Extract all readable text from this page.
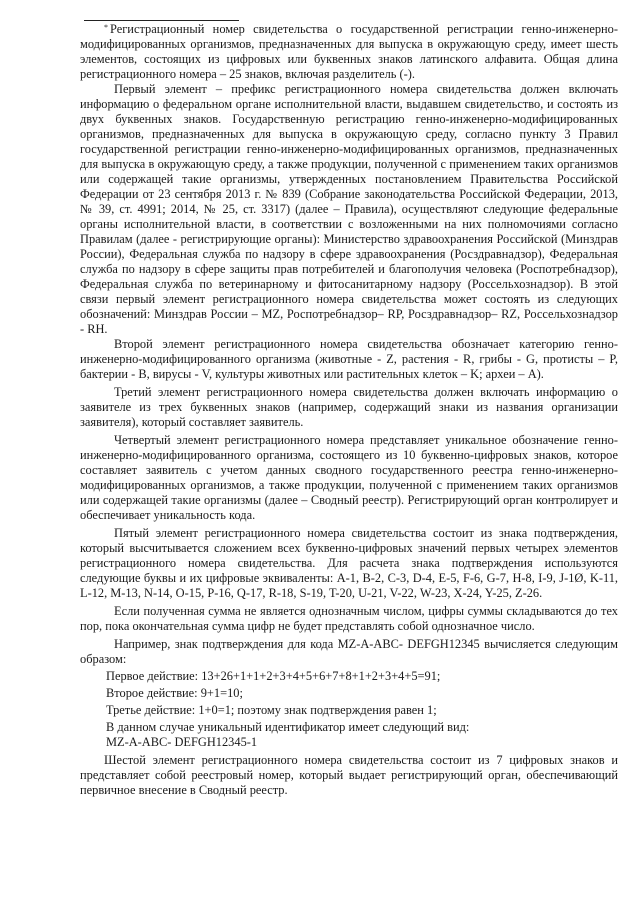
* Регистрационный номер свидетельства о государственной регистрации генно-инженерно-модифицированных организмов, предназначенных для выпуска в окружающую среду, имеет шесть элементов, состоящих из цифровых или буквенных знаков латинского алфавита. Общая длина регистрационного номера – 25 знаков, включая разделитель (-).

Первый элемент – префикс регистрационного номера свидетельства должен включать информацию о федеральном органе исполнительной власти, выдавшем свидетельство, и состоять из двух буквенных знаков. Государственную регистрацию генно-инженерно-модифицированных организмов, предназначенных для выпуска в окружающую среду, согласно пункту 3 Правил государственной регистрации генно-инженерно-модифицированных организмов, предназначенных для выпуска в окружающую среду, а также продукции, полученной с применением таких организмов или содержащей такие организмы, утвержденных постановлением Правительства Российской Федерации от 23 сентября 2013 г. № 839 (Собрание законодательства Российской Федерации, 2013, № 39, ст. 4991; 2014, № 25, ст. 3317) (далее – Правила), осуществляют следующие федеральные органы исполнительной власти, в соответствии с возложенными на них полномочиями согласно Правилам (далее - регистрирующие органы): Министерство здравоохранения Российской (Минздрав России), Федеральная служба по надзору в сфере здравоохранения (Росздравнадзор), Федеральная служба по надзору в сфере защиты прав потребителей и благополучия человека (Роспотребнадзор), Федеральная служба по ветеринарному и фитосанитарному надзору (Россельхознадзор). В этой связи первый элемент регистрационного номера свидетельства может состоять из следующих обозначений: Минздрав России – MZ, Роспотребнадзор– RP, Росздравнадзор– RZ, Россельхознадзор - RH.

Второй элемент регистрационного номера свидетельства обозначает категорию генно-инженерно-модифицированного организма (животные - Z, растения - R, грибы - G, протисты – P, бактерии - B, вирусы - V, культуры животных или растительных клеток – K; археи – A).

Третий элемент регистрационного номера свидетельства должен включать информацию о заявителе из трех буквенных знаков (например, содержащий знаки из названия организации заявителя), который составляет заявитель.

Четвертый элемент регистрационного номера представляет уникальное обозначение генно-инженерно-модифицированного организма, состоящего из 10 буквенно-цифровых знаков, которое составляет заявитель с учетом данных сводного государственного реестра генно-инженерно-модифицированных организмов, а также продукции, полученной с применением таких организмов или содержащей такие организмы (далее – Сводный реестр). Регистрирующий орган контролирует и обеспечивает уникальность кода.

Пятый элемент регистрационного номера свидетельства состоит из знака подтверждения, который высчитывается сложением всех буквенно-цифровых значений первых четырех элементов регистрационного номера свидетельства. Для расчета знака подтверждения используются следующие буквы и их цифровые эквиваленты: A-1, B-2, C-3, D-4, E-5, F-6, G-7, H-8, I-9, J-1Ø, K-11, L-12, M-13, N-14, O-15, P-16, Q-17, R-18, S-19, T-20, U-21, V-22, W-23, X-24, Y-25, Z-26.

Если полученная сумма не является однозначным числом, цифры суммы складываются до тех пор, пока окончательная сумма цифр не будет представлять собой однозначное число.

Например, знак подтверждения для кода MZ-A-ABC- DEFGH12345 вычисляется следующим образом:

Первое действие: 13+26+1+1+2+3+4+5+6+7+8+1+2+3+4+5=91;

Второе действие: 9+1=10;

Третье действие: 1+0=1; поэтому знак подтверждения равен 1;

В данном случае уникальный идентификатор имеет следующий вид:

MZ-A-ABC- DEFGH12345-1

Шестой элемент регистрационного номера свидетельства состоит из 7 цифровых знаков и представляет собой реестровый номер, который выдает регистрирующий орган, обеспечивающий первичное внесение в Сводный реестр.
